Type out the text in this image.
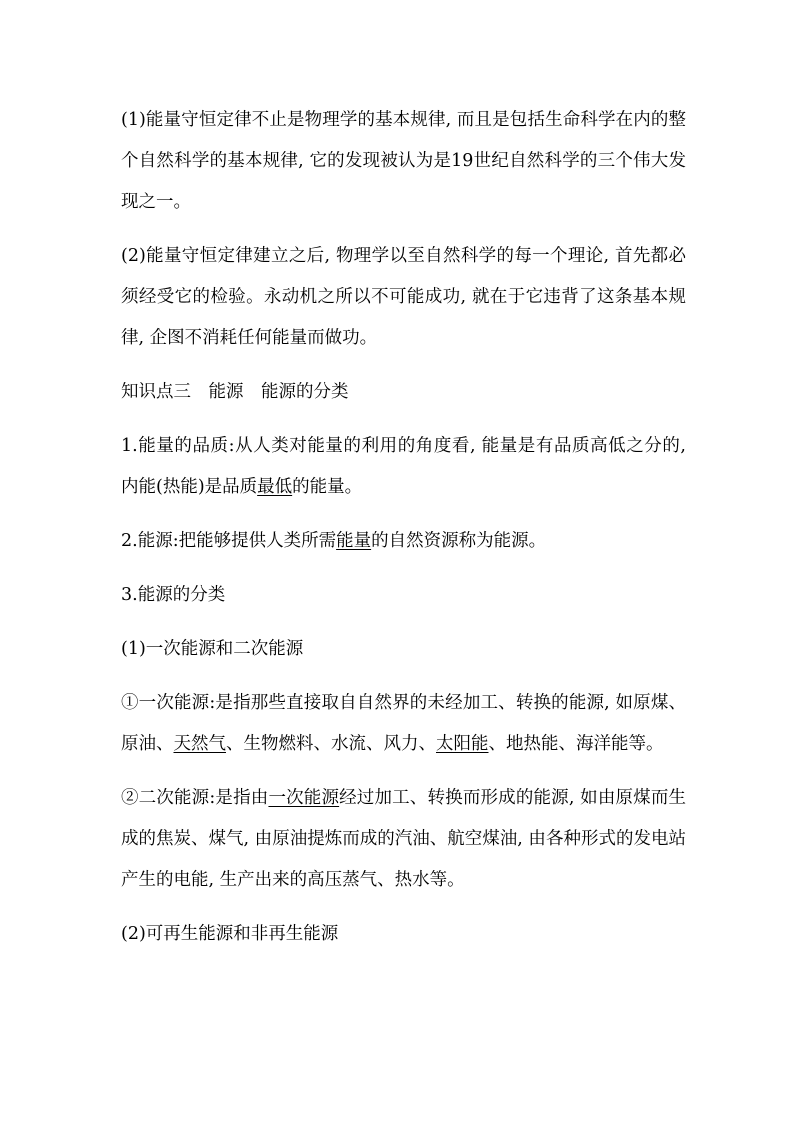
(1)能量守恒定律不止是物理学的基本规律, 而且是包括生命科学在内的整个自然科学的基本规律, 它的发现被认为是19世纪自然科学的三个伟大发现之一。

(2)能量守恒定律建立之后, 物理学以至自然科学的每一个理论, 首先都必须经受它的检验。永动机之所以不可能成功, 就在于它违背了这条基本规律, 企图不消耗任何能量而做功。

知识点三　能源　能源的分类

1.能量的品质:从人类对能量的利用的角度看, 能量是有品质高低之分的, 内能(热能)是品质最低的能量。

2.能源:把能够提供人类所需能量的自然资源称为能源。

3.能源的分类

(1)一次能源和二次能源

①一次能源:是指那些直接取自自然界的未经加工、转换的能源, 如原煤、原油、天然气、生物燃料、水流、风力、太阳能、地热能、海洋能等。

②二次能源:是指由一次能源经过加工、转换而形成的能源, 如由原煤而生成的焦炭、煤气, 由原油提炼而成的汽油、航空煤油, 由各种形式的发电站产生的电能, 生产出来的高压蒸气、热水等。

(2)可再生能源和非再生能源
